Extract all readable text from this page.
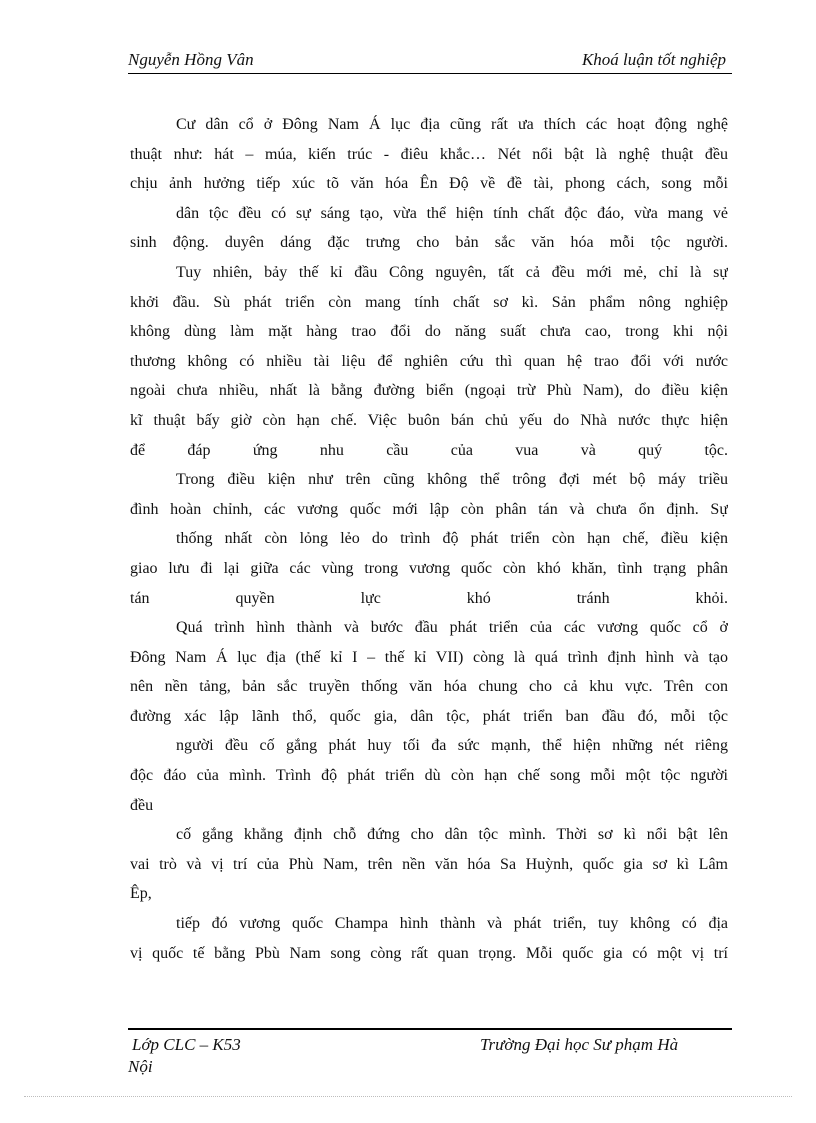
Nguyễn Hồng Vân	Khoá luận tốt nghiệp
Cư dân cổ ở Đông Nam Á lục địa cũng rất ưa thích các hoạt động nghệ
thuật như: hát – múa, kiến trúc - điêu khắc… Nét nổi bật là nghệ thuật đều
chịu ảnh hưởng tiếp xúc tõ văn hóa Ên Độ về đề tài, phong cách, song mỗi
dân tộc đều có sự sáng tạo, vừa thể hiện tính chất độc đáo, vừa mang vẻ
sinh động. duyên dáng đặc trưng cho bản sắc văn hóa mỗi tộc người.
Tuy nhiên, bảy thế kỉ đầu Công nguyên, tất cả đều mới mẻ, chỉ là sự
khởi đầu. Sù phát triển còn mang tính chất sơ kì. Sản phẩm nông nghiệp
không dùng làm mặt hàng trao đổi do năng suất chưa cao, trong khi nội
thương không có nhiều tài liệu để nghiên cứu thì quan hệ trao đổi với nước
ngoài chưa nhiều, nhất là bằng đường biển (ngoại trừ Phù Nam), do điều kiện
kĩ thuật bấy giờ còn hạn chế. Việc buôn bán chủ yếu do Nhà nước thực hiện
để đáp ứng nhu cầu của vua và quý tộc.
Trong điều kiện như trên cũng không thể trông đợi mét bộ máy triều
đình hoàn chỉnh, các vương quốc mới lập còn phân tán và chưa ổn định. Sự
thống nhất còn lỏng lẻo do trình độ phát triển còn hạn chế, điều kiện
giao lưu đi lại giữa các vùng trong vương quốc còn khó khăn, tình trạng phân
tán quyền lực khó tránh khỏi.
Quá trình hình thành và bước đầu phát triển của các vương quốc cổ ở
Đông Nam Á lục địa (thế kỉ I – thế kỉ VII) còng là quá trình định hình và tạo
nên nền tảng, bản sắc truyền thống văn hóa chung cho cả khu vực. Trên con
đường xác lập lãnh thổ, quốc gia, dân tộc, phát triển ban đầu đó, mỗi tộc
người đều cố gắng phát huy tối đa sức mạnh, thể hiện những nét riêng
độc đáo của mình. Trình độ phát triển dù còn hạn chế song mỗi một tộc người
đều
cố gắng khẳng định chỗ đứng cho dân tộc mình. Thời sơ kì nổi bật lên
vai trò và vị trí của Phù Nam, trên nền văn hóa Sa Huỳnh, quốc gia sơ kì Lâm
Êp,
tiếp đó vương quốc Champa hình thành và phát triển, tuy không có địa
vị quốc tế bằng Pbù Nam song còng rất quan trọng. Mỗi quốc gia có một vị trí
Lớp CLC – K53	Trường Đại học Sư phạm Hà
Nội
